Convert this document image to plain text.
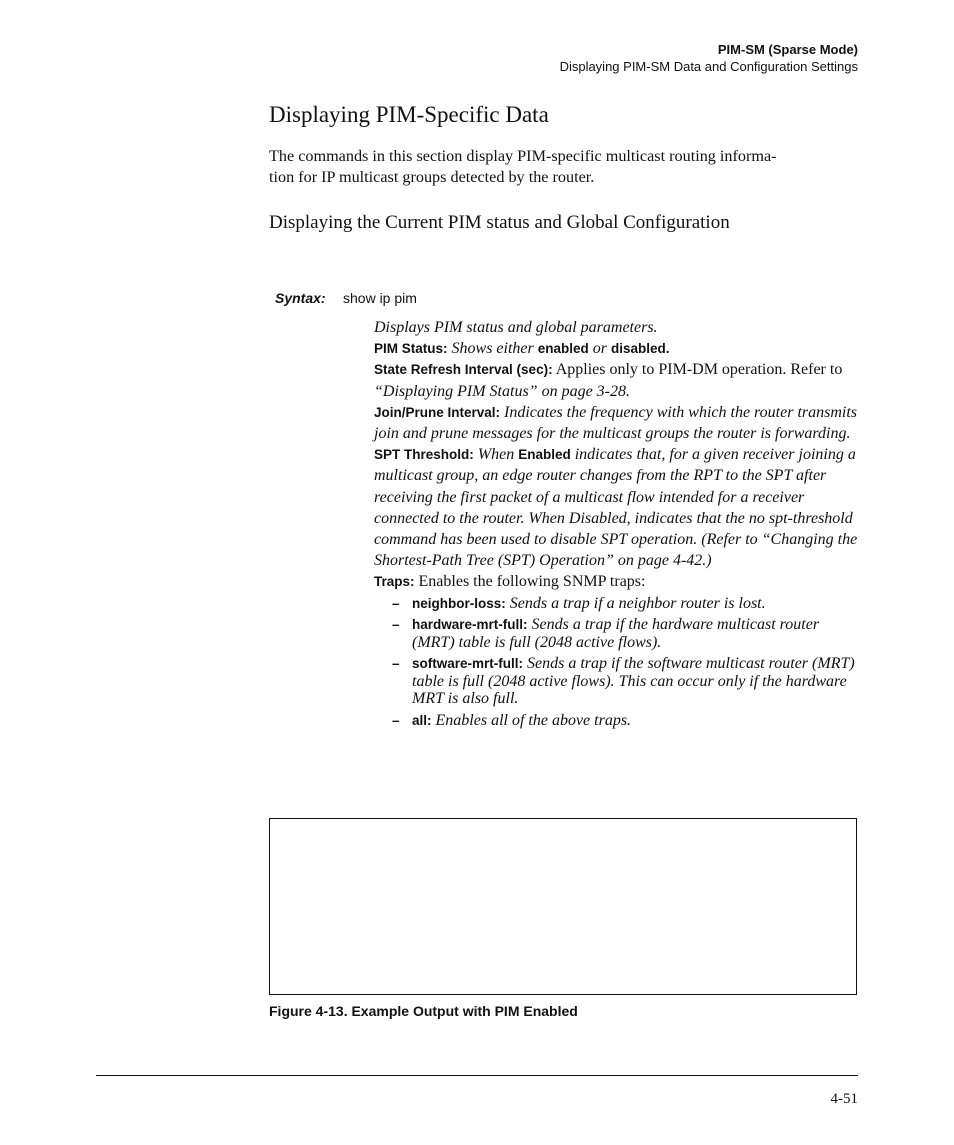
PIM-SM (Sparse Mode)
Displaying PIM-SM Data and Configuration Settings
Displaying PIM-Specific Data

The commands in this section display PIM-specific multicast routing informa-
tion for IP multicast groups detected by the router.

Displaying the Current PIM status and Global Configuration
Syntax: show ip pim

Displays PIM status and global parameters.

PIM Status: Shows either enabled or disabled.

State Refresh Interval (sec): Applies only to PIM-DM operation. Refer to “Displaying PIM Status” on page 3-28.

Join/Prune Interval: Indicates the frequency with which the router transmits join and prune messages for the multicast groups the router is forwarding.

SPT Threshold: When Enabled indicates that, for a given receiver joining a multicast group, an edge router changes from the RPT to the SPT after receiving the first packet of a multicast flow intended for a receiver connected to the router. When Disabled, indicates that the no spt-threshold command has been used to disable SPT operation. (Refer to “Changing the Shortest-Path Tree (SPT) Operation” on page 4-42.)

Traps: Enables the following SNMP traps:

– neighbor-loss: Sends a trap if a neighbor router is lost.
– hardware-mrt-full: Sends a trap if the hardware multicast router (MRT) table is full (2048 active flows).
– software-mrt-full: Sends a trap if the software multicast router (MRT) table is full (2048 active flows). This can occur only if the hardware MRT is also full.
– all: Enables all of the above traps.
Figure 4-13. Example Output with PIM Enabled
4-51
